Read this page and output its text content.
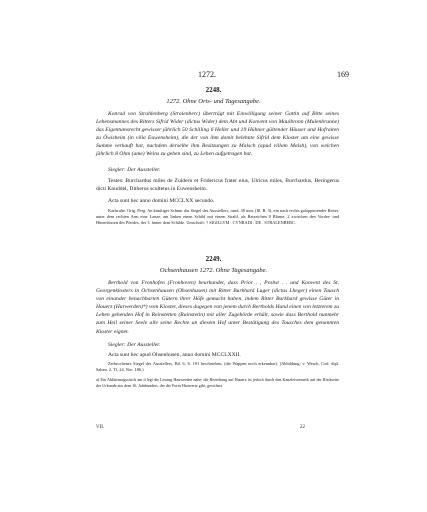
1272.	169
2248.
1272. Ohne Orts- und Tagesangabe.

Konrad von Strahlenberg (Stralenberc) überträgt mit Einwilligung seiner Gattin auf Bitte seines Lehensmannes des Ritters Sifrid Wider (dictus Wider) dem Abt und Konvent von Maulbronn (Mulenbrunne) das Eigentumsrecht gewisser jährlich 50 Schilling 6 Heller und 19 Hühner gültender Häuser und Hofraiten zu Öwisheim (in villa Euwensheim), die der von ihm damit belehnte Sifrid dem Kloster um eine gewisse Summe verkauft hat, nachdem derselbe ihm Besitzungen zu Malsch (apud villam Malsh), von welchen jährlich 8 Ohm (ame) Weins zu geben sind, zu Lehen aufgetragen hat.

Siegler: Der Aussteller.

Testes: Burchardus miles de Zuldern et Fridericus frater eius, Ulricus miles, Burchardus, Beringerus dicti Knuddel, Ditherus scultetus in Euwensheim.

Acta sunt hec anno domini MCCLXX secundo.

Karlsruhe. Orig. Perg. An künftiger Schnur das Siegel des Ausstellers, rund, 38 mm, (Ill. B. 3): ein nach rechts galoppierender Reiter, unter dem rechten Arm eine Lanze, am linken einen Schild mit einem Strahl, als Beizeichen 8 Blume; 2 zwischen den Vorder- und Hinterfüssen des Pferdes, der 3. hinter dem Schilde. Umschrift: † SIGILLVM . CVNRADI . DE . STRALENBERC.

2249.
Ochsenhausen 1272. Ohne Tagesangabe.

Berthold von Fronhofen (Fronhoven) beurkundet, dass Prior . , Probst . . und Konvent des St. Georgenklosters in Ochsenhausen (Ohsenhusen) mit Ritter Burkhard Luger (dictus Lheger) einen Tausch von einander benachbarten Gütern ihrer Höfe gemacht haben, indem Ritter Burkhard gewisse Güter in Hauerz (Hurwerden)*) vom Kloster, dieses dagegen von jenem durch Bertholds Hand einen von letzterem zu Lehen gehenden Hof in Reinstetten (Rainstetin) mit aller Zugehörde erhält, sowie dass Berthold nunmehr zum Heil seiner Seele alle seine Rechte an diesem Hof unter Bestätigung des Tausches dem genannten Kloster eignet.

Siegler: Der Aussteller.

Acta sunt hec apud Ohsenhusen, anno domini MCCLXXII.

Zerbrochenes Siegel des Ausstellers, Bd. 6, S. 191 beschrieben, (die Wappen noch erkennbar). (Abbildung: v. Wesch, Cod. dipl. Salem. 2, Tf. 24, Nro. 186.)

a) Ein Abkürzungsstrich am d legt die Lesung Hauwerden nahe; die Beziehung auf Hauerz ist jedoch durch den Kanzleivermerk auf der Rückseite der Urkunde aus dem 16. Jahrhundert, der die Form Hauwertz gibt, gesichert.

VII.	22
